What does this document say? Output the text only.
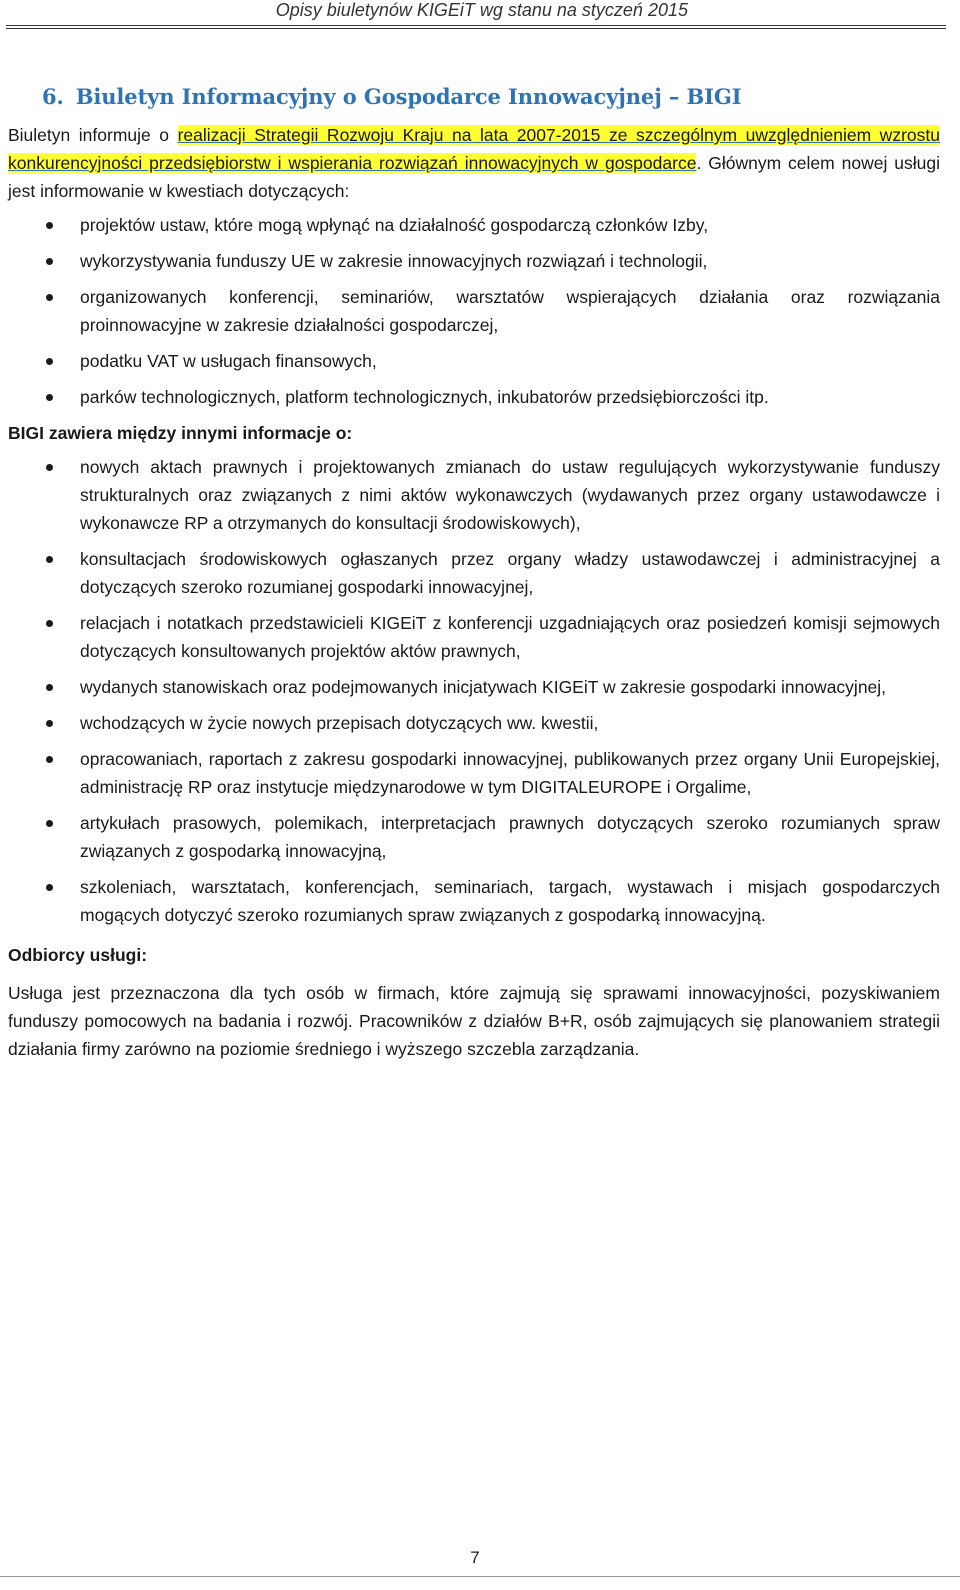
Opisy biuletynów KIGEiT wg stanu na styczeń 2015
6. Biuletyn Informacyjny o Gospodarce Innowacyjnej – BIGI

Biuletyn informuje o realizacji Strategii Rozwoju Kraju na lata 2007-2015 ze szczególnym uwzględnieniem wzrostu konkurencyjności przedsiębiorstw i wspierania rozwiązań innowacyjnych w gospodarce. Głównym celem nowej usługi jest informowanie w kwestiach dotyczących:

projektów ustaw, które mogą wpłynąć na działalność gospodarczą członków Izby,
wykorzystywania funduszy UE w zakresie innowacyjnych rozwiązań i technologii,
organizowanych konferencji, seminariów, warsztatów wspierających działania oraz rozwiązania proinnowacyjne w zakresie działalności gospodarczej,
podatku VAT w usługach finansowych,
parków technologicznych, platform technologicznych, inkubatorów przedsiębiorczości itp.
BIGI zawiera między innymi informacje o:
nowych aktach prawnych i projektowanych zmianach do ustaw regulujących wykorzystywanie funduszy strukturalnych oraz związanych z nimi aktów wykonawczych (wydawanych przez organy ustawodawcze i wykonawcze RP a otrzymanych do konsultacji środowiskowych),
konsultacjach środowiskowych ogłaszanych przez organy władzy ustawodawczej i administracyjnej a dotyczących szeroko rozumianej gospodarki innowacyjnej,
relacjach i notatkach przedstawicieli KIGEiT z konferencji uzgadniających oraz posiedzeń komisji sejmowych dotyczących konsultowanych projektów aktów prawnych,
wydanych stanowiskach oraz podejmowanych inicjatywach KIGEiT w zakresie gospodarki innowacyjnej,
wchodzących w życie nowych przepisach dotyczących ww. kwestii,
opracowaniach, raportach z zakresu gospodarki innowacyjnej, publikowanych przez organy Unii Europejskiej, administrację RP oraz instytucje międzynarodowe w tym DIGITALEUROPE i Orgalime,
artykułach prasowych, polemikach, interpretacjach prawnych dotyczących szeroko rozumianych spraw związanych z gospodarką innowacyjną,
szkoleniach, warsztatach, konferencjach, seminariach, targach, wystawach i misjach gospodarczych mogących dotyczyć szeroko rozumianych spraw związanych z gospodarką innowacyjną.
Odbiorcy usługi:

Usługa jest przeznaczona dla tych osób w firmach, które zajmują się sprawami innowacyjności, pozyskiwaniem funduszy pomocowych na badania i rozwój. Pracowników z działów B+R, osób zajmujących się planowaniem strategii działania firmy zarówno na poziomie średniego i wyższego szczebla zarządzania.

7
